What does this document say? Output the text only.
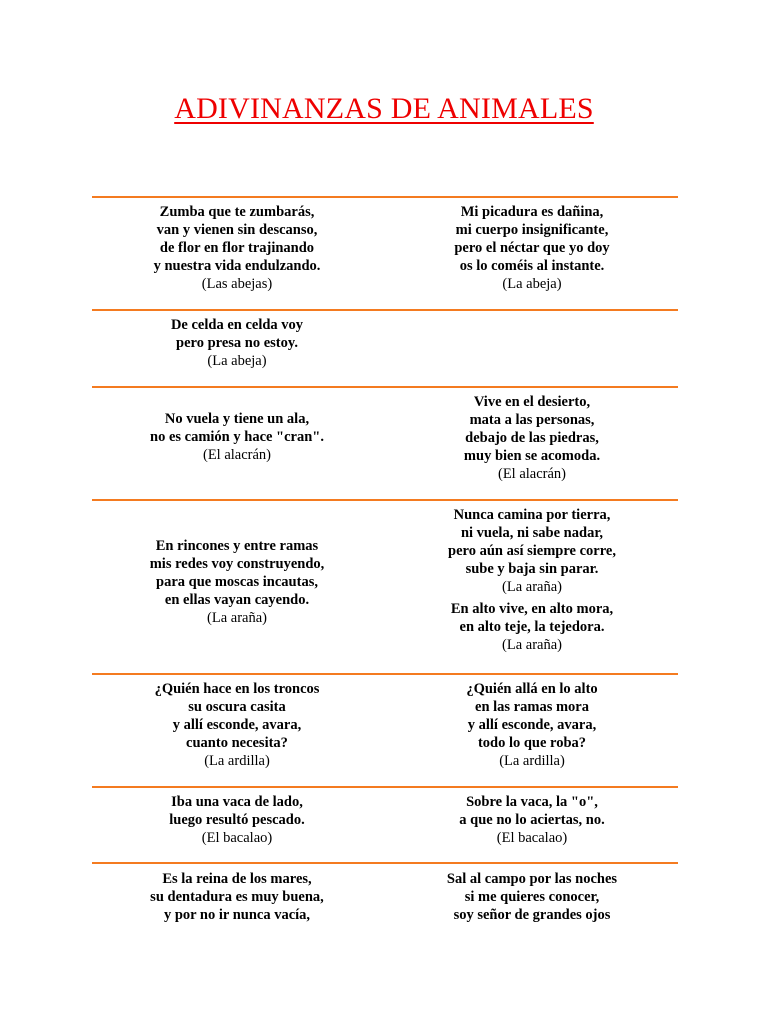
ADIVINANZAS DE ANIMALES
Zumba que te zumbarás,
van y vienen sin descanso,
de flor en flor trajinando
y nuestra vida endulzando.
(Las abejas)
Mi picadura es dañina,
mi cuerpo insignificante,
pero el néctar que yo doy
os lo coméis al instante.
(La abeja)
De celda en celda voy
pero presa no estoy.
(La abeja)
No vuela y tiene un ala,
no es camión y hace "cran".
(El alacrán)
Vive en el desierto,
mata a las personas,
debajo de las piedras,
muy bien se acomoda.
(El alacrán)
En rincones y entre ramas
mis redes voy construyendo,
para que moscas incautas,
en ellas vayan cayendo.
(La araña)
Nunca camina por tierra,
ni vuela, ni sabe nadar,
pero aún así siempre corre,
sube y baja sin parar.
(La araña)
En alto vive, en alto mora,
en alto teje, la tejedora.
(La araña)
¿Quién hace en los troncos
su oscura casita
y allí esconde, avara,
cuanto necesita?
(La ardilla)
¿Quién allá en lo alto
en las ramas mora
y allí esconde, avara,
todo lo que roba?
(La ardilla)
Iba una vaca de lado,
luego resultó pescado.
(El bacalao)
Sobre la vaca, la "o",
a que no lo aciertas, no.
(El bacalao)
Es la reina de los mares,
su dentadura es muy buena,
y por no ir nunca vacía,
Sal al campo por las noches
si me quieres conocer,
soy señor de grandes ojos
